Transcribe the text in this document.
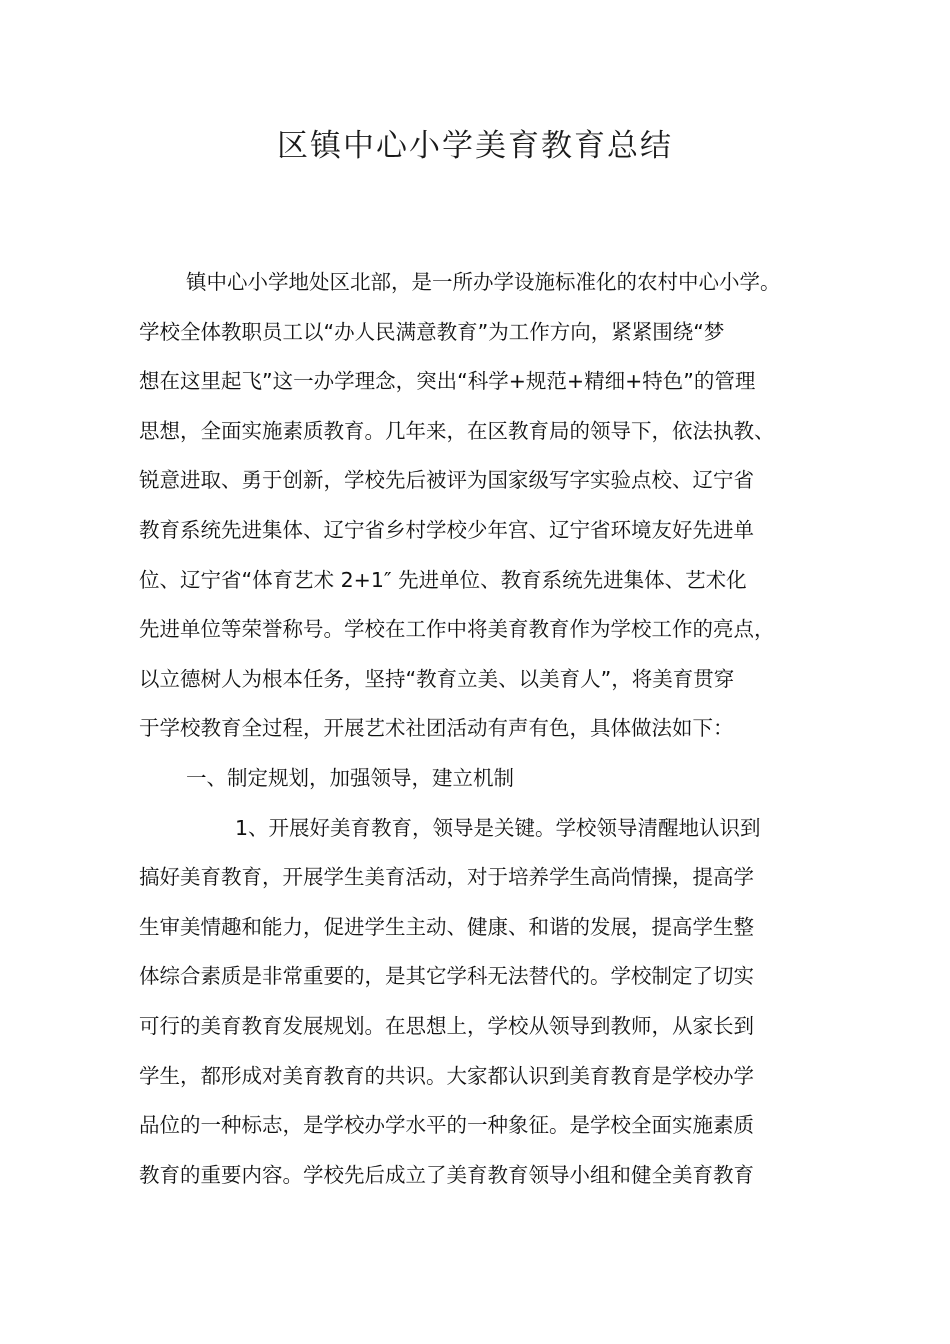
区镇中心小学美育教育总结
镇中心小学地处区北部，是一所办学设施标准化的农村中心小学。
学校全体教职员工以“办人民满意教育”为工作方向，紧紧围绕“梦
想在这里起飞”这一办学理念，突出“科学+规范+精细+特色”的管理
思想，全面实施素质教育。几年来，在区教育局的领导下，依法执教、
锐意进取、勇于创新，学校先后被评为国家级写字实验点校、辽宁省
教育系统先进集体、辽宁省乡村学校少年宫、辽宁省环境友好先进单
位、辽宁省“体育艺术 2+1″ 先进单位、教育系统先进集体、艺术化
先进单位等荣誉称号。学校在工作中将美育教育作为学校工作的亮点，
以立德树人为根本任务，坚持“教育立美、以美育人”，将美育贯穿
于学校教育全过程，开展艺术社团活动有声有色，具体做法如下：
一、制定规划，加强领导，建立机制
1、开展好美育教育，领导是关键。学校领导清醒地认识到
搞好美育教育，开展学生美育活动，对于培养学生高尚情操，提高学
生审美情趣和能力，促进学生主动、健康、和谐的发展，提高学生整
体综合素质是非常重要的，是其它学科无法替代的。学校制定了切实
可行的美育教育发展规划。在思想上，学校从领导到教师，从家长到
学生，都形成对美育教育的共识。大家都认识到美育教育是学校办学
品位的一种标志，是学校办学水平的一种象征。是学校全面实施素质
教育的重要内容。学校先后成立了美育教育领导小组和健全美育教育
